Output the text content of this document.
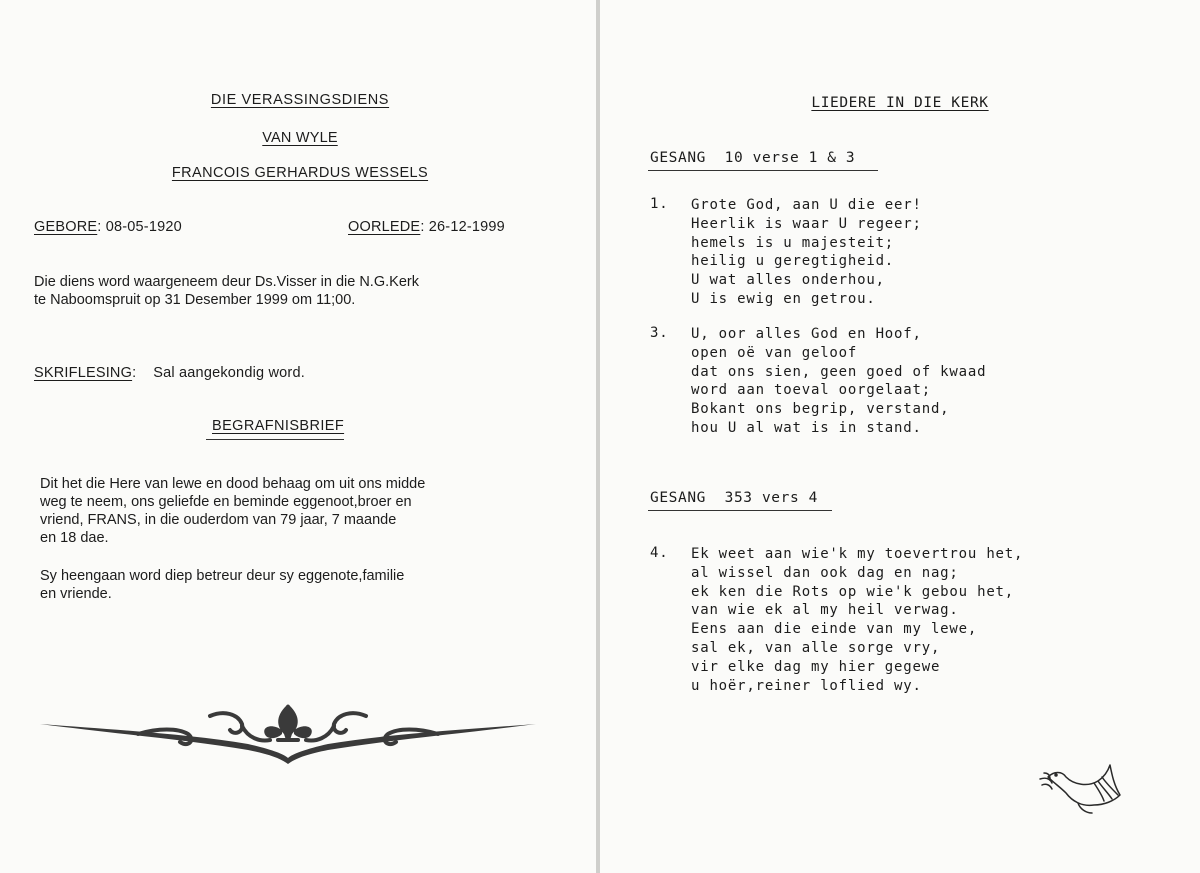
DIE VERASSINGSDIENS
VAN WYLE
FRANCOIS GERHARDUS WESSELS
GEBORE: 08-05-1920	OORLEDE: 26-12-1999
Die diens word waargeneem deur Ds.Visser in die N.G.Kerk
te Naboomspruit op 31 Desember 1999 om 11;00.
SKRIFLESING:    Sal aangekondig word.
BEGRAFNISBRIEF
Dit het die Here van lewe en dood behaag om uit ons midde
weg te neem, ons geliefde en beminde eggenoot,broer en
vriend, FRANS, in die ouderdom van 79 jaar, 7 maande
en 18 dae.
Sy heengaan word diep betreur deur sy eggenote,familie
en vriende.
LIEDERE IN DIE KERK
GESANG  10 verse 1 & 3
1. Grote God, aan U die eer!
Heerlik is waar U regeer;
hemels is u majesteit;
heilig u geregtigheid.
U wat alles onderhou,
U is ewig en getrou.
3. U, oor alles God en Hoof,
open oë van geloof
dat ons sien, geen goed of kwaad
word aan toeval oorgelaat;
Bokant ons begrip, verstand,
hou U al wat is in stand.
GESANG  353 vers 4
4. Ek weet aan wie'k my toevertrou het,
al wissel dan ook dag en nag;
ek ken die Rots op wie'k gebou het,
van wie ek al my heil verwag.
Eens aan die einde van my lewe,
sal ek, van alle sorge vry,
vir elke dag my hier gegewe
u hoër,reiner loflied wy.
